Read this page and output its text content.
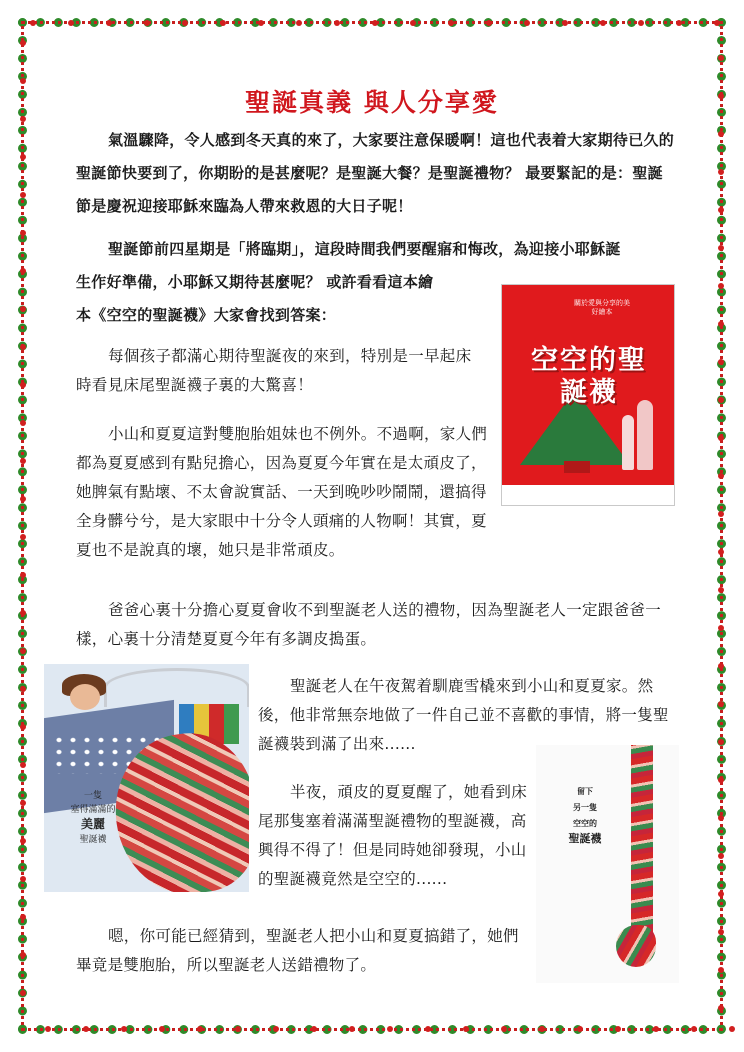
聖誕真義 與人分享愛

氣溫驟降，令人感到冬天真的來了，大家要注意保暖啊！這也代表着大家期待已久的聖誕節快要到了，你期盼的是甚麼呢？是聖誕大餐？是聖誕禮物？ 最要緊記的是：聖誕節是慶祝迎接耶穌來臨為人帶來救恩的大日子呢！

聖誕節前四星期是「將臨期」，這段時間我們要醒寤和悔改，為迎接小耶穌誕

生作好準備，小耶穌又期待甚麼呢？ 或許看看這本繪

本《空空的聖誕襪》大家會找到答案：

關於愛與分享的美好繪本
空空的聖誕襪

每個孩子都滿心期待聖誕夜的來到，特別是一早起床時看見床尾聖誕襪子裏的大驚喜！

小山和夏夏這對雙胞胎姐妹也不例外。不過啊，家人們都為夏夏感到有點兒擔心，因為夏夏今年實在是太頑皮了，她脾氣有點壞、不太會說實話、一天到晚吵吵鬧鬧，還搞得全身髒兮兮，是大家眼中十分令人頭痛的人物啊！其實，夏夏也不是說真的壞，她只是非常頑皮。

爸爸心裏十分擔心夏夏會收不到聖誕老人送的禮物，因為聖誕老人一定跟爸爸一樣，心裏十分清楚夏夏今年有多調皮搗蛋。

一隻
塞得滿滿的
美麗
聖誕襪

聖誕老人在午夜駕着馴鹿雪橇來到小山和夏夏家。然後，他非常無奈地做了一件自己並不喜歡的事情，將一隻聖誕襪裝到滿了出來......

半夜，頑皮的夏夏醒了，她看到床尾那隻塞着滿滿聖誕禮物的聖誕襪，高興得不得了！但是同時她卻發現，小山的聖誕襪竟然是空空的......

留下
另一隻
空空的
聖誕襪

嗯，你可能已經猜到，聖誕老人把小山和夏夏搞錯了，她們畢竟是雙胞胎，所以聖誕老人送錯禮物了。
